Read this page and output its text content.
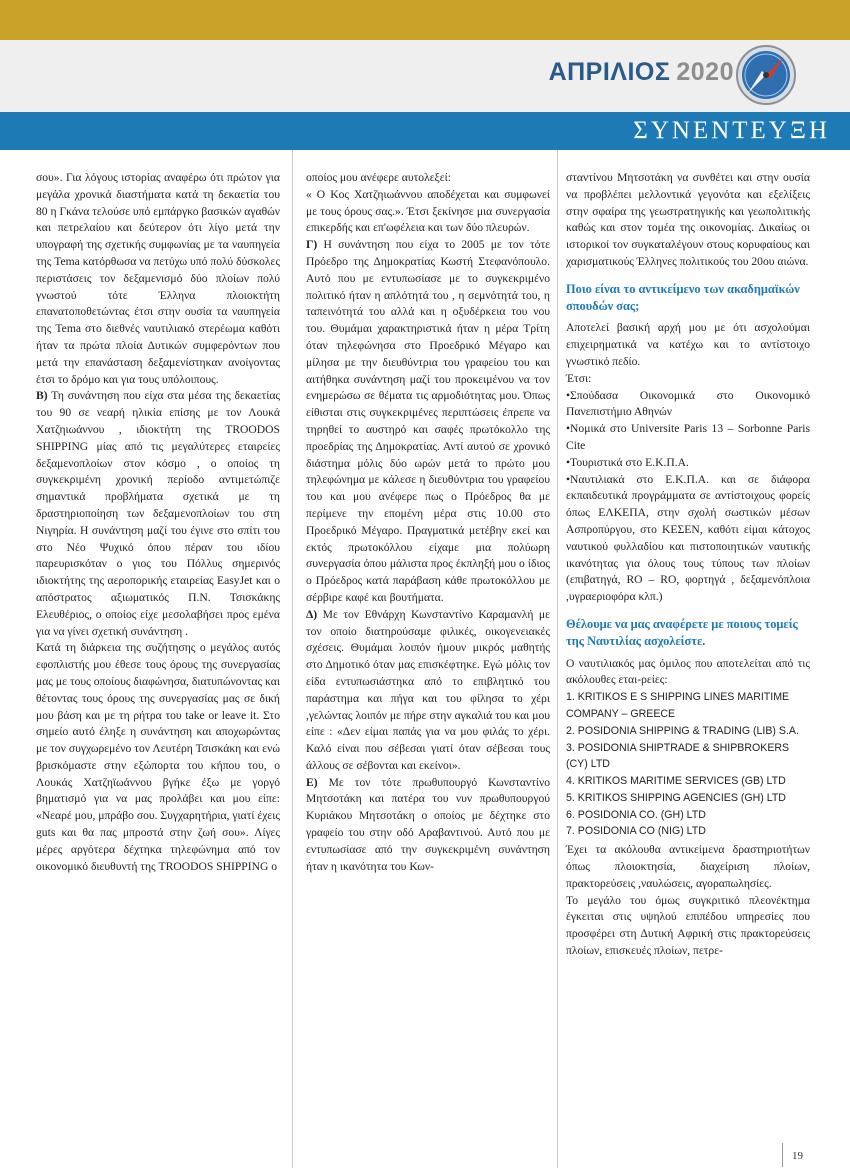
ΑΠΡΙΛΙΟΣ 2020
ΣΥΝΕΝΤΕΥΞΗ

σου». Για λόγους ιστορίας αναφέρω ότι πρώτον για μεγάλα χρονικά διαστήματα κατά τη δεκαετία του 80 η Γκάνα τελούσε υπό εμπάργκο βασικών αγαθών και πετρελαίου και δεύτερον ότι λίγο μετά την υπογραφή της σχετικής συμφωνίας με τα ναυπηγεία της Tema κατόρθωσα να πετύχω υπό πολύ δύσκολες περιστάσεις τον δεξαμενισμό δύο πλοίων πολύ γνωστού τότε Έλληνα πλοιοκτήτη επανατοποθετώντας έτσι στην ουσία τα ναυπηγεία της Tema στο διεθνές ναυτιλιακό στερέωμα καθότι ήταν τα πρώτα πλοία Δυτικών συμφερόντων που μετά την επανάσταση δεξαμενίστηκαν ανοίγοντας έτσι το δρόμο και για τους υπόλοιπους.

Β) Τη συνάντηση που είχα στα μέσα της δεκαετίας του 90 σε νεαρή ηλικία επίσης με τον Λουκά Χατζηιωάννου , ιδιοκτήτη της TROODOS SHIPPING μίας από τις μεγαλύτερες εταιρείες δεξαμενοπλοίων στον κόσμο , ο οποίος τη συγκεκριμένη χρονική περίοδο αντιμετώπιζε σημαντικά προβλήματα σχετικά με τη δραστηριοποίηση των δεξαμενοπλοίων του στη Νιγηρία. Η συνάντηση μαζί του έγινε στο σπίτι του στο Νέο Ψυχικό όπου πέραν του ιδίου παρευρισκόταν ο γιος του Πόλλυς σημερινός ιδιοκτήτης της αεροπορικής εταιρείας EasyJet και ο απόστρατος αξιωματικός Π.Ν. Τσισκάκης Ελευθέριος, ο οποίος είχε μεσολαβήσει προς εμένα για να γίνει σχετική συνάντηση .

Κατά τη διάρκεια της συζήτησης ο μεγάλος αυτός εφοπλιστής μου έθεσε τους όρους της συνεργασίας μας με τους οποίους διαφώνησα, διατυπώνοντας και θέτοντας τους όρους της συνεργασίας μας σε δική μου βάση και με τη ρήτρα του take or leave it. Στο σημείο αυτό έληξε η συνάντηση και αποχωρώντας με τον συγχωρεμένο τον Λευτέρη Τσισκάκη και ενώ βρισκόμαστε στην εξώπορτα του κήπου του, ο Λουκάς Χατζηϊωάννου βγήκε έξω με γοργό βηματισμό για να μας προλάβει και μου είπε: «Νεαρέ μου, μπράβο σου. Συγχαρητήρια, γιατί έχεις guts και θα πας μπροστά στην ζωή σου». Λίγες μέρες αργότερα δέχτηκα τηλεφώνημα από τον οικονομικό διευθυντή της TROODOS SHIPPING ο

οποίος μου ανέφερε αυτολεξεί:

« Ο Κος Χατζηιωάννου αποδέχεται και συμφωνεί με τους όρους σας.». Έτσι ξεκίνησε μια συνεργασία επικερδής και επ'ωφέλεια και των δύο πλευρών.

Γ) Η συνάντηση που είχα το 2005 με τον τότε Πρόεδρο της Δημοκρατίας Κωστή Στεφανόπουλο. Αυτό που με εντυπωσίασε με το συγκεκριμένο πολιτικό ήταν η απλότητά του , η σεμνότητά του, η ταπεινότητά του αλλά και η οξυδέρκεια του νου του. Θυμάμαι χαρακτηριστικά ήταν η μέρα Τρίτη όταν τηλεφώνησα στο Προεδρικό Μέγαρο και μίλησα με την διευθύντρια του γραφείου του και αιτήθηκα συνάντηση μαζί του προκειμένου να τον ενημερώσω σε θέματα τις αρμοδιότητας μου. Όπως είθισται στις συγκεκριμένες περιπτώσεις έπρεπε να τηρηθεί το αυστηρό και σαφές πρωτόκολλο της προεδρίας της Δημοκρατίας. Αντί αυτού σε χρονικό διάστημα μόλις δύο ωρών μετά το πρώτο μου τηλεφώνημα με κάλεσε η διευθύντρια του γραφείου του και μου ανέφερε πως ο Πρόεδρος θα με περίμενε την επομένη μέρα στις 10.00 στο Προεδρικό Μέγαρο. Πραγματικά μετέβην εκεί και εκτός πρωτοκόλλου είχαμε μια πολύωρη συνεργασία όπου μάλιστα προς έκπληξή μου ο ίδιος ο Πρόεδρος κατά παράβαση κάθε πρωτοκόλλου με σέρβιρε καφέ και βουτήματα.

Δ) Με τον Εθνάρχη Κωνσταντίνο Καραμανλή με τον οποίο διατηρούσαμε φιλικές, οικογενειακές σχέσεις. Θυμάμαι λοιπόν ήμουν μικρός μαθητής στο Δημοτικό όταν μας επισκέφτηκε. Εγώ μόλις τον είδα εντυπωσιάστηκα από το επιβλητικό του παράστημα και πήγα και του φίλησα το χέρι ,γελώντας λοιπόν με πήρε στην αγκαλιά του και μου είπε : «Δεν είμαι παπάς για να μου φιλάς το χέρι. Καλό είναι που σέβεσαι γιατί όταν σέβεσαι τους άλλους σε σέβονται και εκείνοι».

Ε) Με τον τότε πρωθυπουργό Κωνσταντίνο Μητσοτάκη και πατέρα του νυν πρωθυπουργού Κυριάκου Μητσοτάκη ο οποίος με δέχτηκε στο γραφείο του στην οδό Αραβαντινού. Αυτό που με εντυπωσίασε από την συγκεκριμένη συνάντηση ήταν η ικανότητα του Κων-

σταντίνου Μητσοτάκη να συνθέτει και στην ουσία να προβλέπει μελλοντικά γεγονότα και εξελίξεις στην σφαίρα της γεωστρατηγικής και γεωπολιτικής καθώς και στον τομέα της οικονομίας. Δικαίως οι ιστορικοί τον συγκαταλέγουν στους κορυφαίους και χαρισματικούς Έλληνες πολιτικούς του 20ου αιώνα.

Ποιο είναι το αντικείμενο των ακαδημαϊκών σπουδών σας;

Αποτελεί βασική αρχή μου με ότι ασχολούμαι επιχειρηματικά να κατέχω και το αντίστοιχο γνωστικό πεδίο.

Έτσι:

•Σπούδασα Οικονομικά στο Οικονομικό Πανεπιστήμιο Αθηνών
•Νομικά στο Universite Paris 13 – Sorbonne Paris Cite
•Τουριστικά στο Ε.Κ.Π.Α.
•Ναυτιλιακά στο Ε.Κ.Π.Α. και σε διάφορα εκπαιδευτικά προγράμματα σε αντίστοιχους φορείς όπως ΕΛΚΕΠΑ, στην σχολή σωστικών μέσων Ασπροπύργου, στο ΚΕΣΕΝ, καθότι είμαι κάτοχος ναυτικού φυλλαδίου και πιστοποιητικών ναυτικής ικανότητας για όλους τους τύπους των πλοίων (επιβατηγά, RO – RO, φορτηγά , δεξαμενόπλοια ,υγραεριοφόρα κλπ.)
Θέλουμε να μας αναφέρετε με ποιους τομείς της Ναυτιλίας ασχολείστε.

Ο ναυτιλιακός μας όμιλος που αποτελείται από τις ακόλουθες εται-ρείες:

1. KRITIKOS E S SHIPPING LINES MARITIME COMPANY – GREECE
2. POSIDONIA SHIPPING & TRADING (LIB) S.A.
3. POSIDONIA SHIPTRADE & SHIPBROKERS (CY) LTD
4. KRITIKOS MARITIME SERVICES (GB) LTD
5. KRITIKOS SHIPPING AGENCIES (GH) LTD
6. POSIDONIA CO. (GH) LTD
7. POSIDONIA CO (NIG) LTD

Έχει τα ακόλουθα αντικείμενα δραστηριοτήτων όπως πλοιοκτησία, διαχείριση πλοίων, πρακτορεύσεις ,ναυλώσεις, αγοραπωλησίες.

Το μεγάλο του όμως συγκριτικό πλεονέκτημα έγκειται στις υψηλού επιπέδου υπηρεσίες που προσφέρει στη Δυτική Αφρική στις πρακτορεύσεις πλοίων, επισκευές πλοίων, πετρε-

19
